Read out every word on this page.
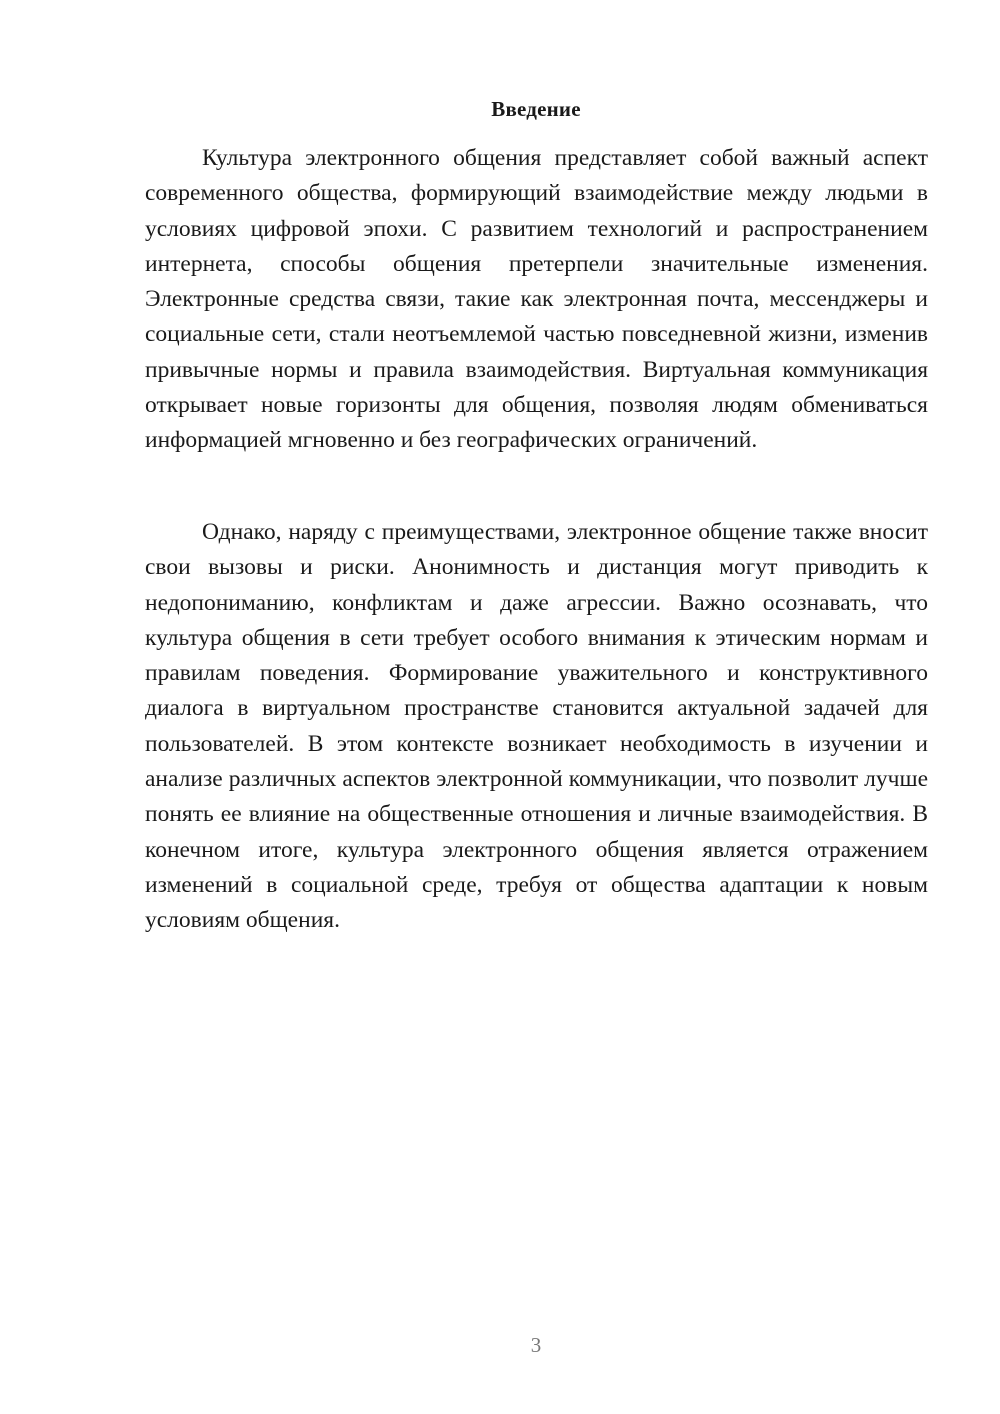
Введение

Культура электронного общения представляет собой важный аспект современного общества, формирующий взаимодействие между людьми в условиях цифровой эпохи. С развитием технологий и распространением интернета, способы общения претерпели значительные изменения. Электронные средства связи, такие как электронная почта, мессенджеры и социальные сети, стали неотъемлемой частью повседневной жизни, изменив привычные нормы и правила взаимодействия. Виртуальная коммуникация открывает новые горизонты для общения, позволяя людям обмениваться информацией мгновенно и без географических ограничений.

Однако, наряду с преимуществами, электронное общение также вносит свои вызовы и риски. Анонимность и дистанция могут приводить к недопониманию, конфликтам и даже агрессии. Важно осознавать, что культура общения в сети требует особого внимания к этическим нормам и правилам поведения. Формирование уважительного и конструктивного диалога в виртуальном пространстве становится актуальной задачей для пользователей. В этом контексте возникает необходимость в изучении и анализе различных аспектов электронной коммуникации, что позволит лучше понять ее влияние на общественные отношения и личные взаимодействия. В конечном итоге, культура электронного общения является отражением изменений в социальной среде, требуя от общества адаптации к новым условиям общения.

3
